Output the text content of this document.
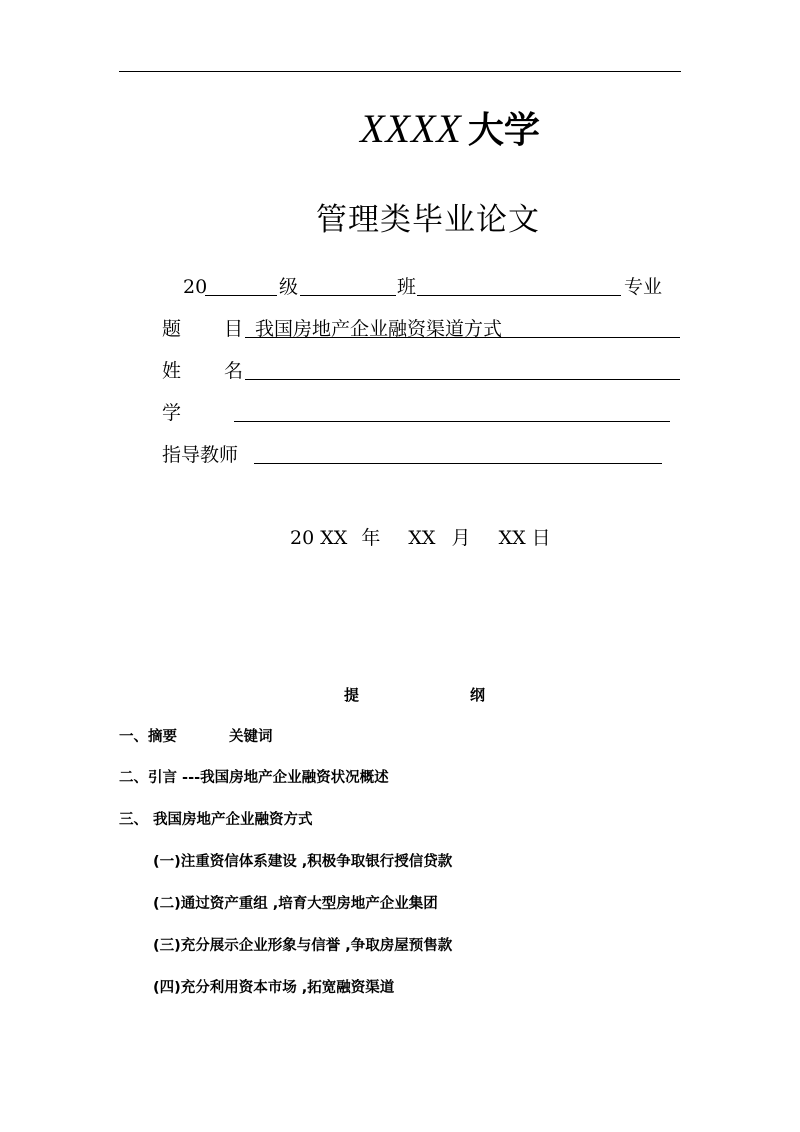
XXXX 大学
管理类毕业论文
20	级	班	专业
题 目 我国房地产企业融资渠道方式
姓 名
学
指导教师
20 XX 年 XX 月 XX 日
提	纲
一、摘要	关键词
二、引言 ---我国房地产企业融资状况概述
三、 我国房地产企业融资方式
(一)注重资信体系建设 ,积极争取银行授信贷款
(二)通过资产重组 ,培育大型房地产企业集团
(三)充分展示企业形象与信誉 ,争取房屋预售款
(四)充分利用资本市场 ,拓宽融资渠道
